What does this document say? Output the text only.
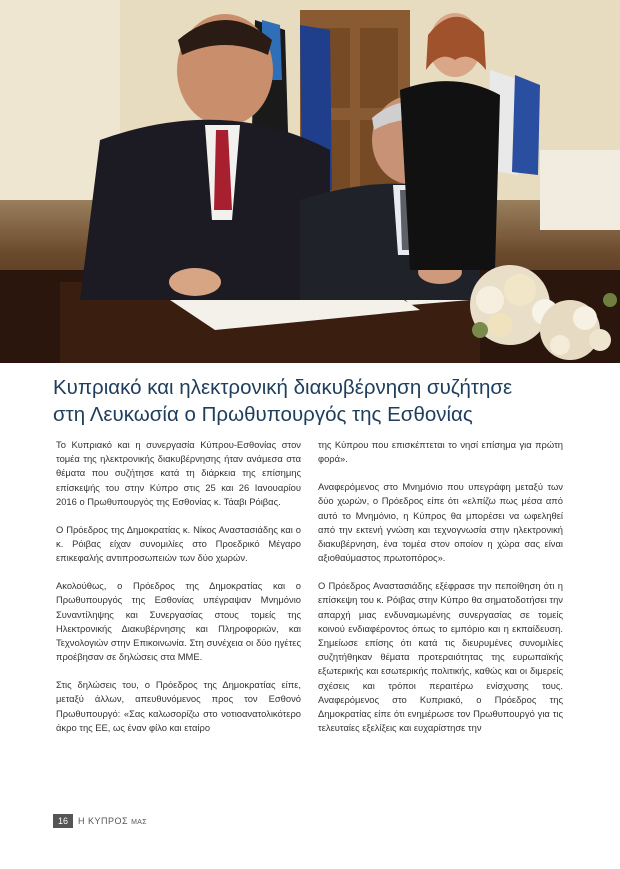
Κυπριακό και ηλεκτρονική διακυβέρνηση συζήτησε
στη Λευκωσία ο Πρωθυπουργός της Εσθονίας

Το Κυπριακό και η συνεργασία Κύπρου-Εσθονίας στον τομέα της ηλεκτρονικής διακυβέρνησης ήταν ανάμεσα στα θέματα που συζήτησε κατά τη διάρκεια της επίσημης επίσκεψής του στην Κύπρο στις 25 και 26 Ιανουαρίου 2016 ο Πρωθυπουργός της Εσθονίας κ. Τάαβι Ρόιβας.

Ο Πρόεδρος της Δημοκρατίας κ. Νίκος Αναστασιάδης και ο κ. Ρόιβας είχαν συνομιλίες στο Προεδρικό Μέγαρο επικεφαλής αντιπροσωπειών των δύο χωρών.

Ακολούθως, ο Πρόεδρος της Δημοκρατίας και ο Πρωθυπουργός της Εσθονίας υπέγραψαν Μνημόνιο Συναντίληψης και Συνεργασίας στους τομείς της Ηλεκτρονικής Διακυβέρνησης και Πληροφοριών, και Τεχνολογιών στην Επικοινωνία. Στη συνέχεια οι δύο ηγέτες προέβησαν σε δηλώσεις στα ΜΜΕ.

Στις δηλώσεις του, ο Πρόεδρος της Δημοκρατίας είπε, μεταξύ άλλων, απευθυνόμενος προς τον Εσθονό Πρωθυπουργό: «Σας καλωσορίζω στο νοτιοανατολικότερο άκρο της ΕΕ, ως έναν φίλο και εταίρο

της Κύπρου που επισκέπτεται το νησί επίσημα για πρώτη φορά».

Αναφερόμενος στο Μνημόνιο που υπεγράφη μεταξύ των δύο χωρών, ο Πρόεδρος είπε ότι «ελπίζω πως μέσα από αυτό το Μνημόνιο, η Κύπρος θα μπορέσει να ωφεληθεί από την εκτενή γνώση και τεχνογνωσία στην ηλεκτρονική διακυβέρνηση, ένα τομέα στον οποίον η χώρα σας είναι αξιοθαύμαστος πρωτοπόρος».

Ο Πρόεδρος Αναστασιάδης εξέφρασε την πεποίθηση ότι η επίσκεψη του κ. Ρόιβας στην Κύπρο θα σηματοδοτήσει την απαρχή μιας ενδυναμωμένης συνεργασίας σε τομείς κοινού ενδιαφέροντος όπως το εμπόριο και η εκπαίδευση. Σημείωσε επίσης ότι κατά τις διευρυμένες συνομιλίες συζητήθηκαν θέματα προτεραιότητας της ευρωπαϊκής εξωτερικής και εσωτερικής πολιτικής, καθώς και οι διμερείς σχέσεις και τρόποι περαιτέρω ενίσχυσης τους. Αναφερόμενος στο Κυπριακό, ο Πρόεδρος της Δημοκρατίας είπε ότι ενημέρωσε τον Πρωθυπουργό για τις τελευταίες εξελίξεις και ευχαρίστησε την

16	Η ΚΥΠΡΟΣ ΜΑΣ
